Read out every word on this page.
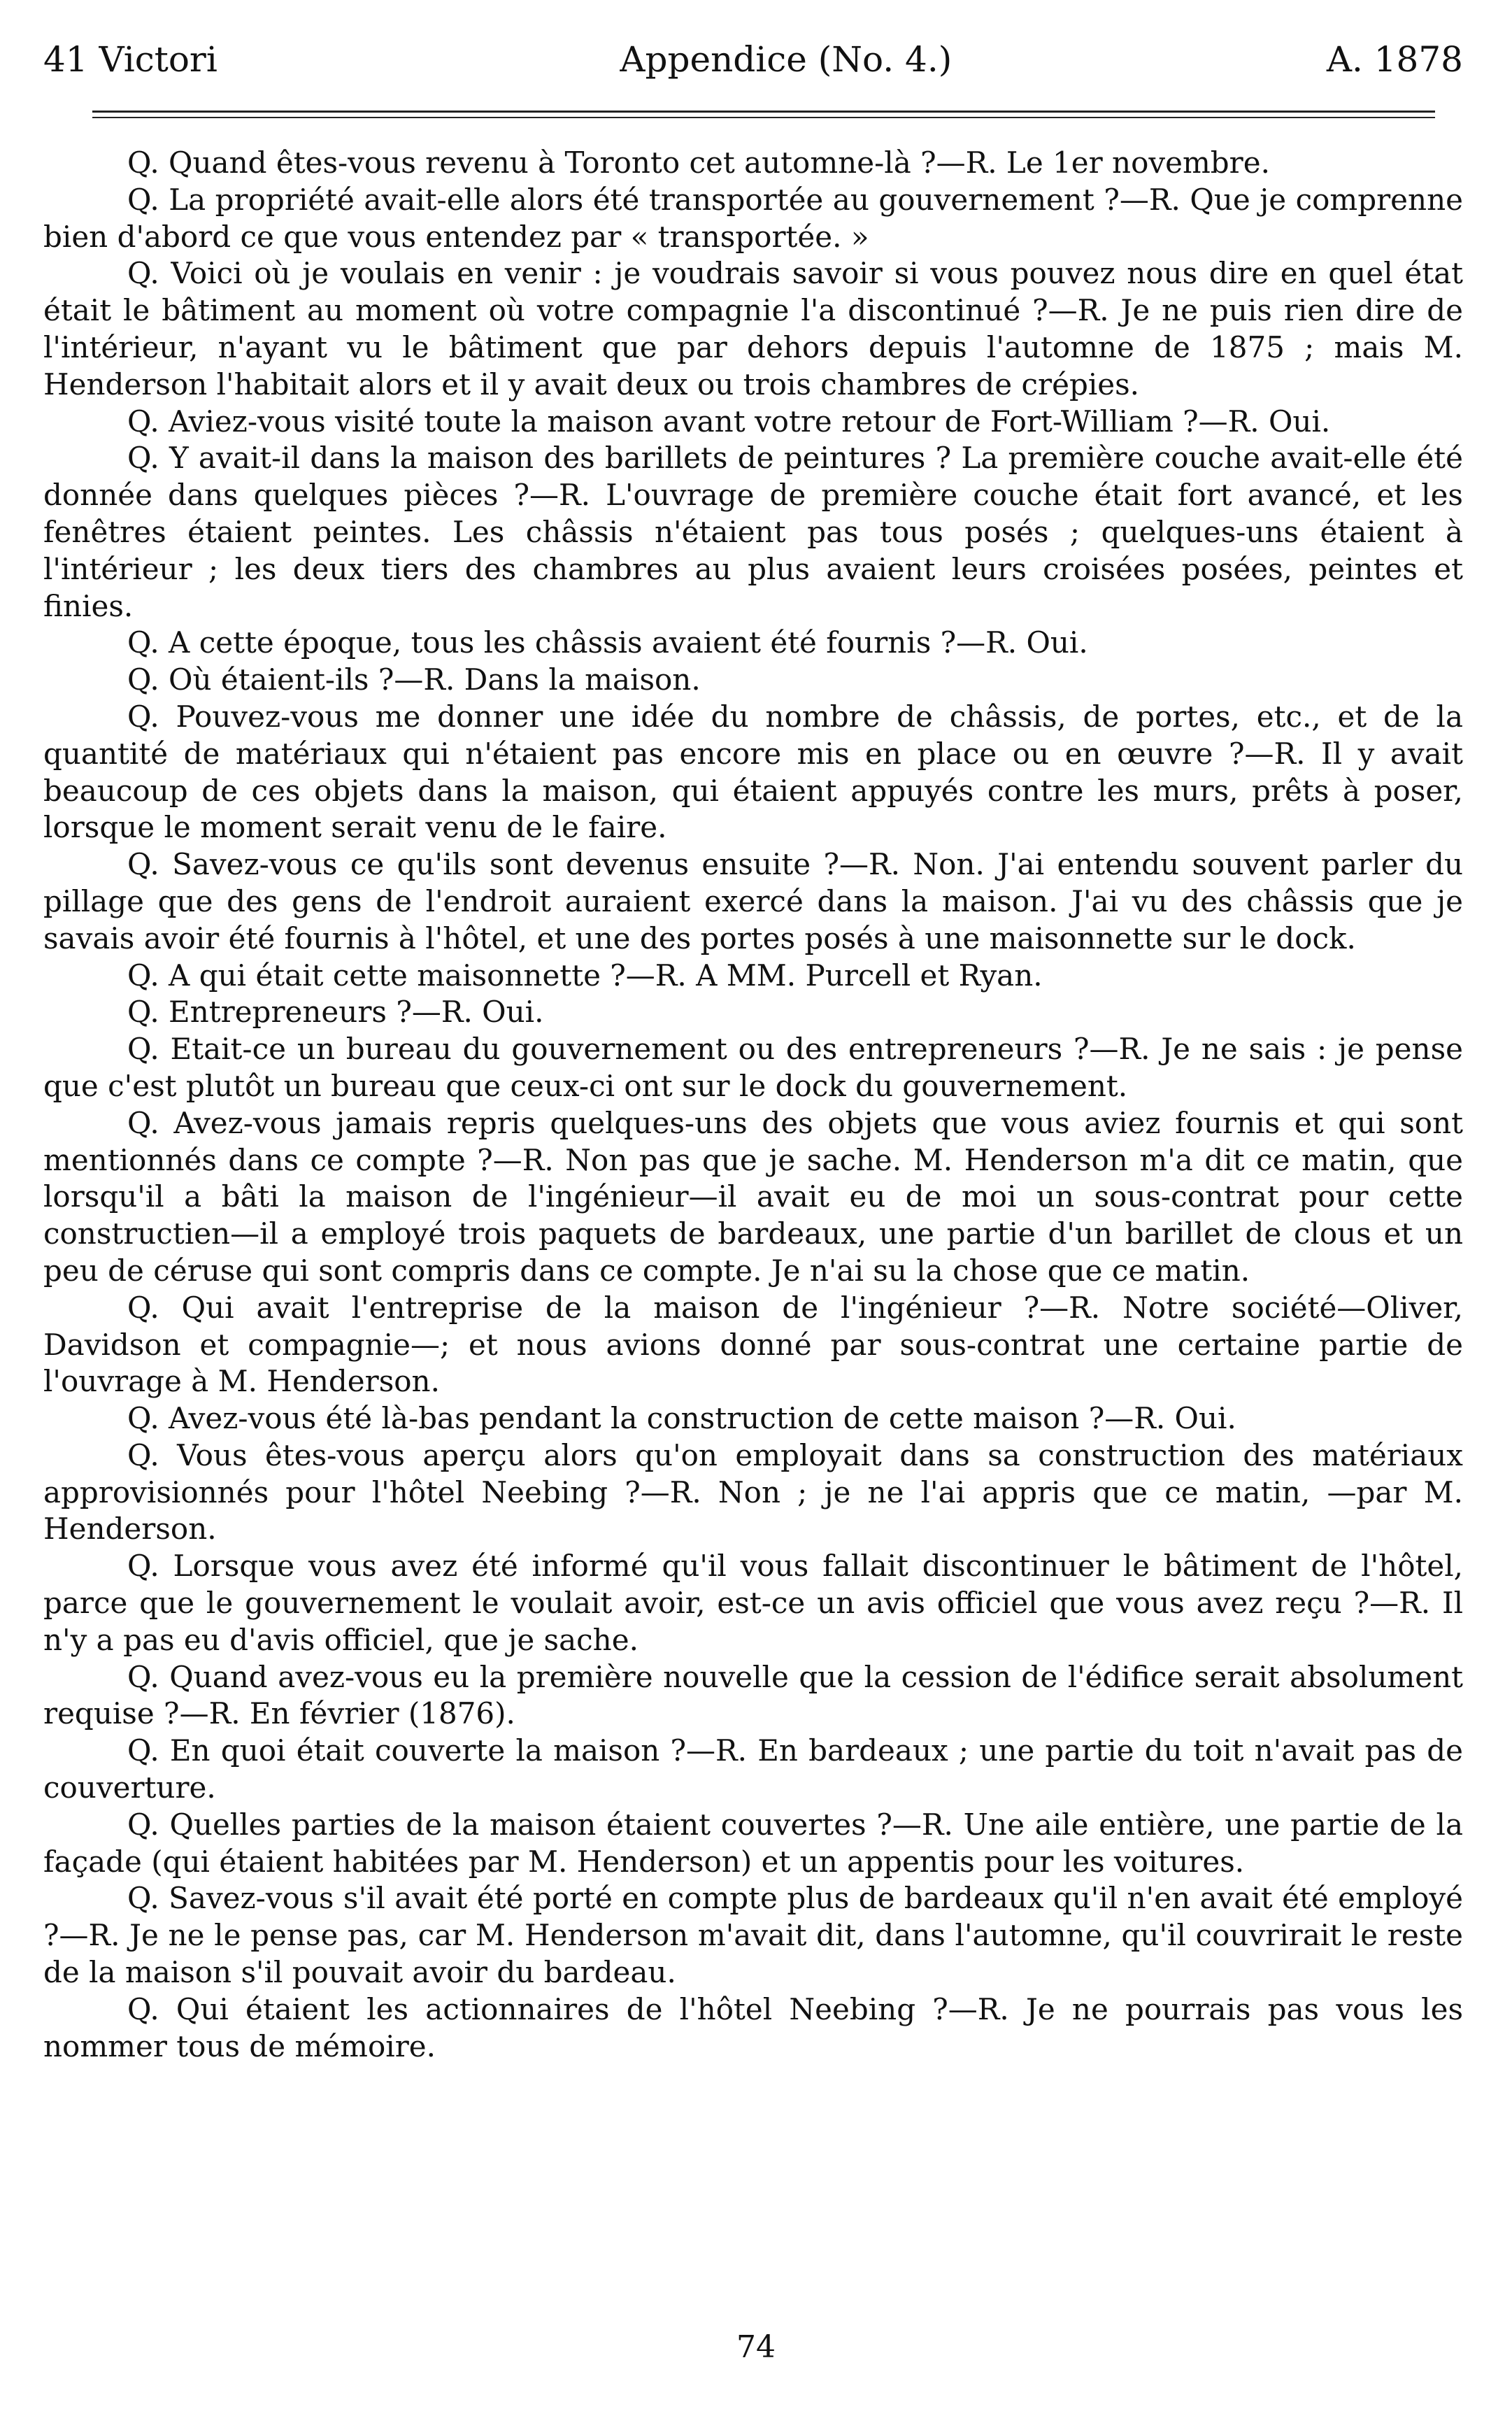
41 Victori	Appendice (No. 4.)	A. 1878

Q. Quand êtes-vous revenu à Toronto cet automne-là ?—R. Le 1er novembre.

Q. La propriété avait-elle alors été transportée au gouvernement ?—R. Que je comprenne bien d'abord ce que vous entendez par « transportée. »

Q. Voici où je voulais en venir : je voudrais savoir si vous pouvez nous dire en quel état était le bâtiment au moment où votre compagnie l'a discontinué ?—R. Je ne puis rien dire de l'intérieur, n'ayant vu le bâtiment que par dehors depuis l'automne de 1875 ; mais M. Henderson l'habitait alors et il y avait deux ou trois chambres de crépies.

Q. Aviez-vous visité toute la maison avant votre retour de Fort-William ?—R. Oui.

Q. Y avait-il dans la maison des barillets de peintures ? La première couche avait-elle été donnée dans quelques pièces ?—R. L'ouvrage de première couche était fort avancé, et les fenêtres étaient peintes. Les châssis n'étaient pas tous posés ; quelques-uns étaient à l'intérieur ; les deux tiers des chambres au plus avaient leurs croisées posées, peintes et finies.

Q. A cette époque, tous les châssis avaient été fournis ?—R. Oui.

Q. Où étaient-ils ?—R. Dans la maison.

Q. Pouvez-vous me donner une idée du nombre de châssis, de portes, etc., et de la quantité de matériaux qui n'étaient pas encore mis en place ou en œuvre ?—R. Il y avait beaucoup de ces objets dans la maison, qui étaient appuyés contre les murs, prêts à poser, lorsque le moment serait venu de le faire.

Q. Savez-vous ce qu'ils sont devenus ensuite ?—R. Non. J'ai entendu souvent parler du pillage que des gens de l'endroit auraient exercé dans la maison. J'ai vu des châssis que je savais avoir été fournis à l'hôtel, et une des portes posés à une maisonnette sur le dock.

Q. A qui était cette maisonnette ?—R. A MM. Purcell et Ryan.

Q. Entrepreneurs ?—R. Oui.

Q. Etait-ce un bureau du gouvernement ou des entrepreneurs ?—R. Je ne sais : je pense que c'est plutôt un bureau que ceux-ci ont sur le dock du gouvernement.

Q. Avez-vous jamais repris quelques-uns des objets que vous aviez fournis et qui sont mentionnés dans ce compte ?—R. Non pas que je sache. M. Henderson m'a dit ce matin, que lorsqu'il a bâti la maison de l'ingénieur—il avait eu de moi un sous-contrat pour cette constructien—il a employé trois paquets de bardeaux, une partie d'un barillet de clous et un peu de céruse qui sont compris dans ce compte. Je n'ai su la chose que ce matin.

Q. Qui avait l'entreprise de la maison de l'ingénieur ?—R. Notre société—Oliver, Davidson et compagnie—; et nous avions donné par sous-contrat une certaine partie de l'ouvrage à M. Henderson.

Q. Avez-vous été là-bas pendant la construction de cette maison ?—R. Oui.

Q. Vous êtes-vous aperçu alors qu'on employait dans sa construction des matériaux approvisionnés pour l'hôtel Neebing ?—R. Non ; je ne l'ai appris que ce matin, —par M. Henderson.

Q. Lorsque vous avez été informé qu'il vous fallait discontinuer le bâtiment de l'hôtel, parce que le gouvernement le voulait avoir, est-ce un avis officiel que vous avez reçu ?—R. Il n'y a pas eu d'avis officiel, que je sache.

Q. Quand avez-vous eu la première nouvelle que la cession de l'édifice serait absolument requise ?—R. En février (1876).

Q. En quoi était couverte la maison ?—R. En bardeaux ; une partie du toit n'avait pas de couverture.

Q. Quelles parties de la maison étaient couvertes ?—R. Une aile entière, une partie de la façade (qui étaient habitées par M. Henderson) et un appentis pour les voitures.

Q. Savez-vous s'il avait été porté en compte plus de bardeaux qu'il n'en avait été employé ?—R. Je ne le pense pas, car M. Henderson m'avait dit, dans l'automne, qu'il couvrirait le reste de la maison s'il pouvait avoir du bardeau.

Q. Qui étaient les actionnaires de l'hôtel Neebing ?—R. Je ne pourrais pas vous les nommer tous de mémoire.

74
